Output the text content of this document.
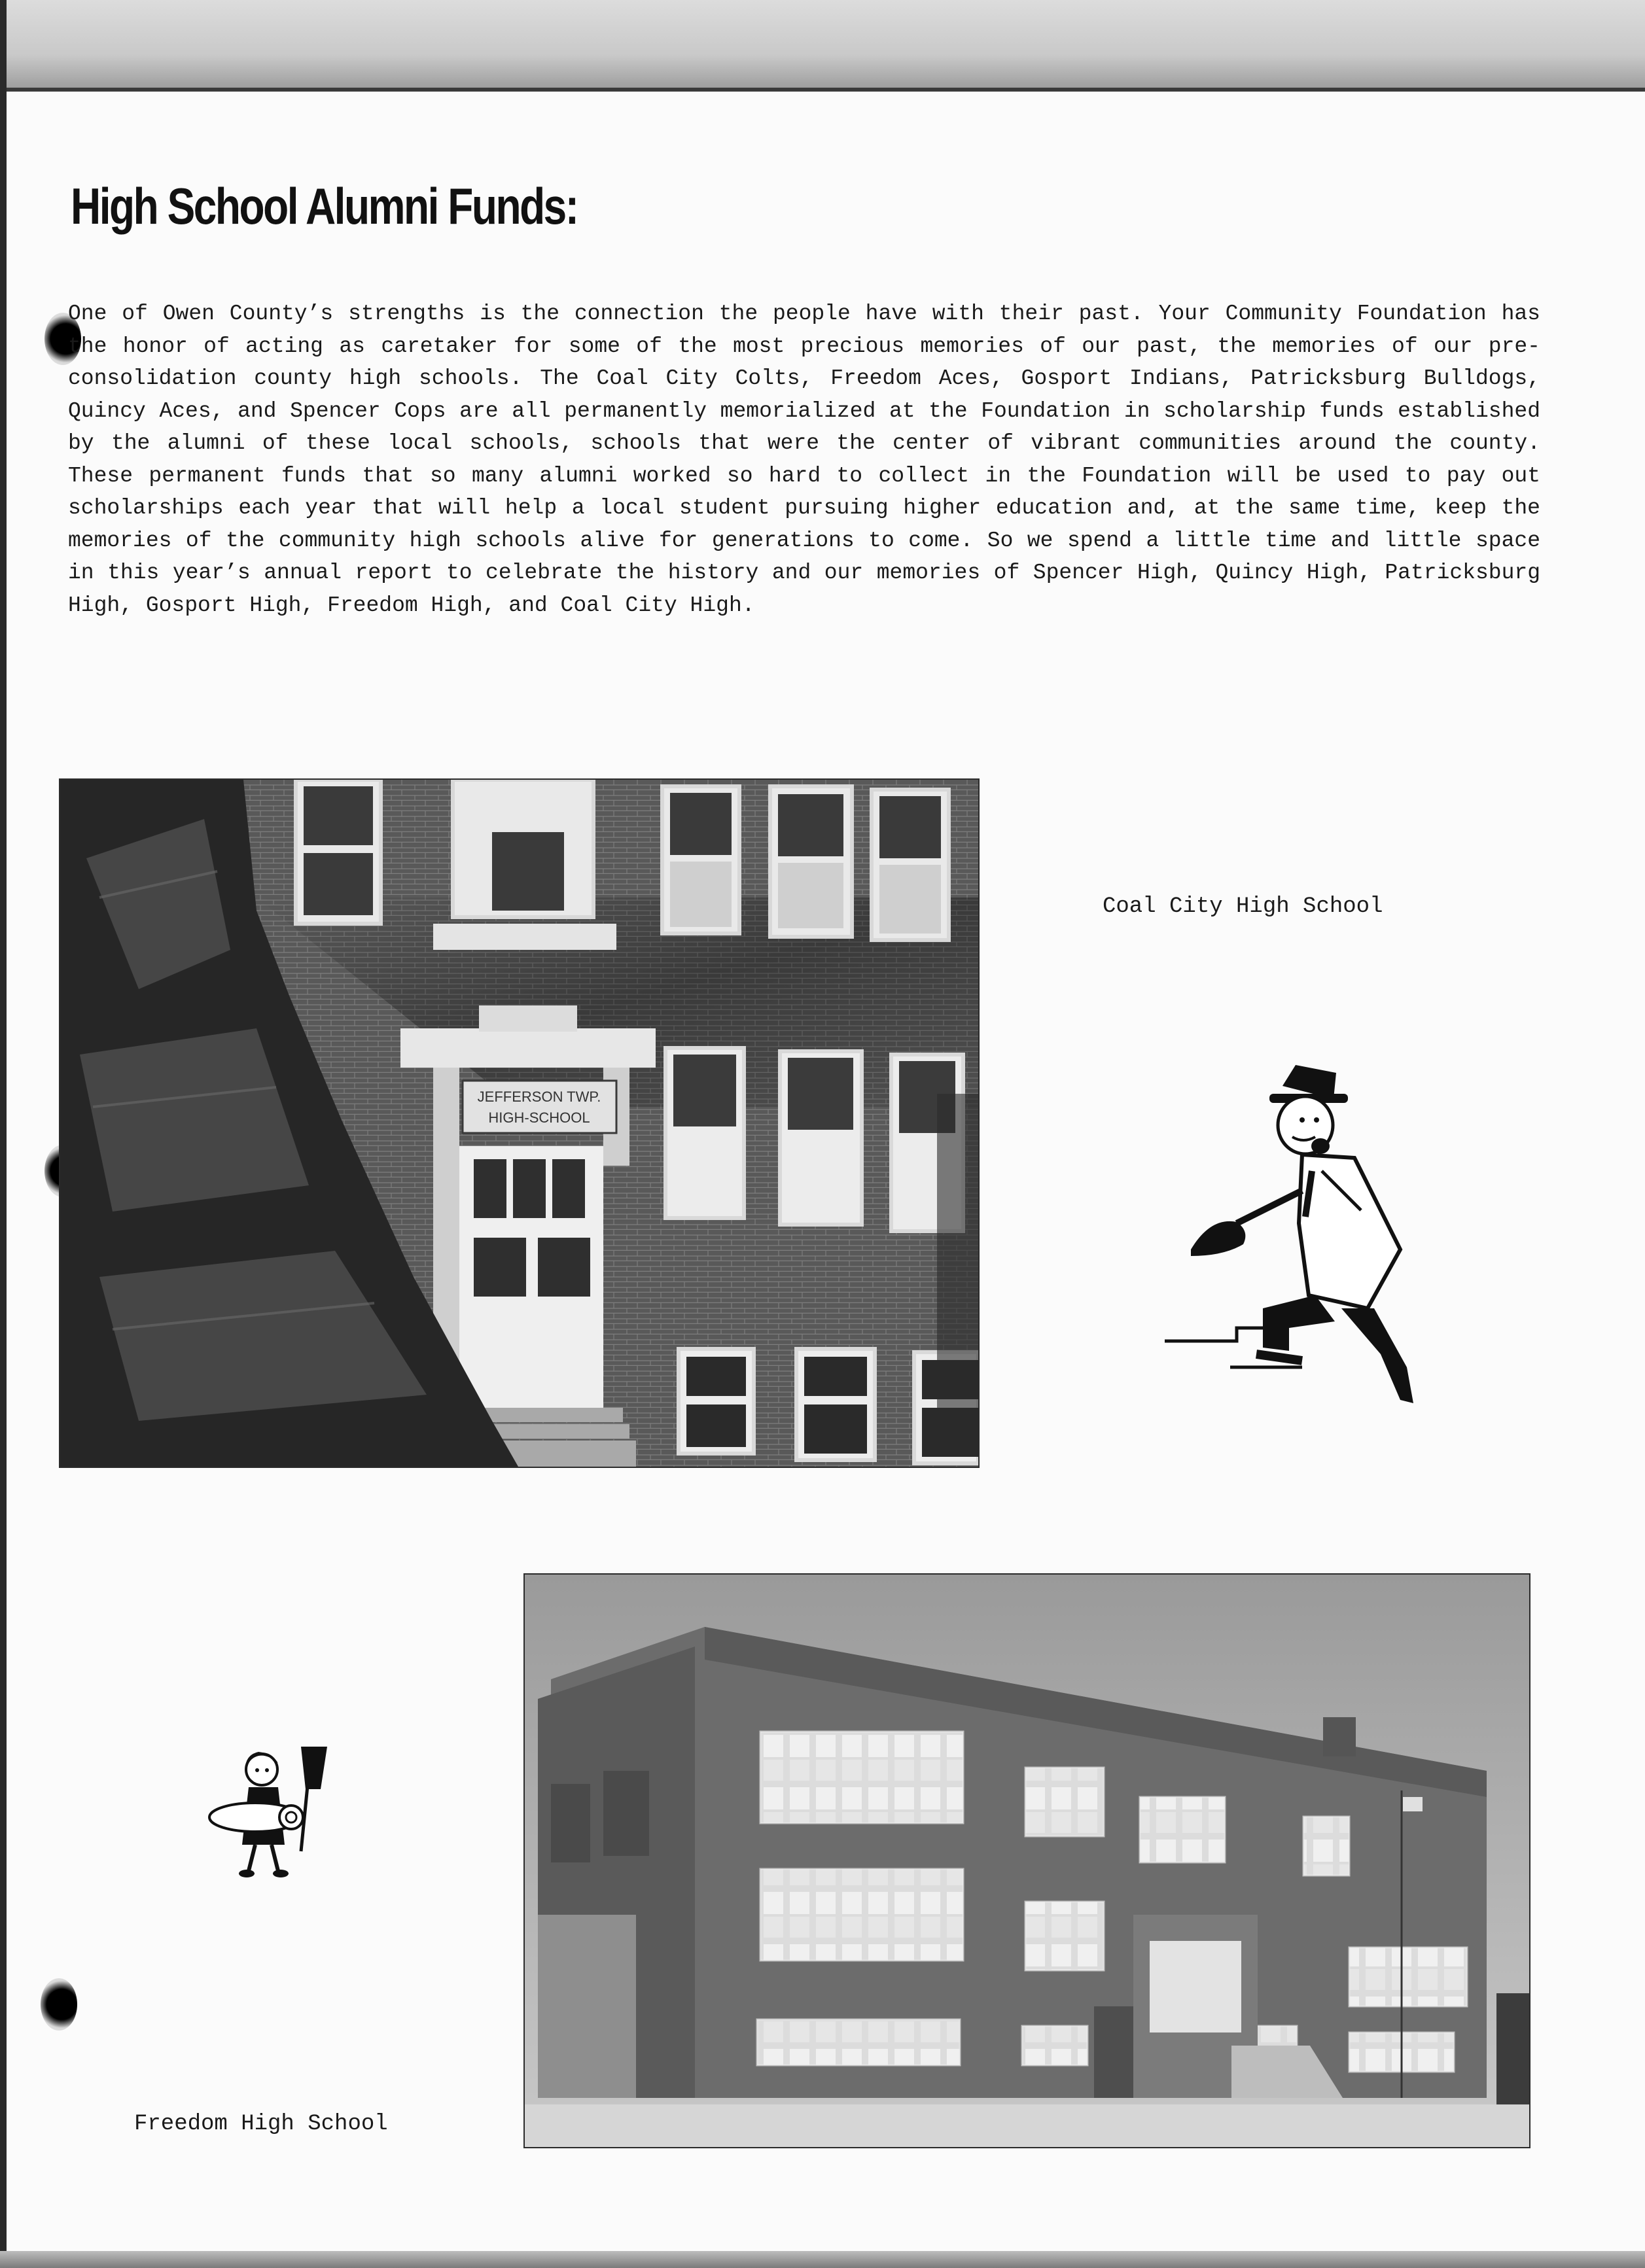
High School Alumni Funds:

One of Owen County’s strengths is the connection the people have with their past. Your Community Foundation has the honor of acting as caretaker for some of the most precious memories of our past, the memories of our pre-consolidation county high schools. The Coal City Colts, Freedom Aces, Gosport Indians, Patricksburg Bulldogs, Quincy Aces, and Spencer Cops are all permanently memorialized at the Foundation in scholarship funds established by the alumni of these local schools, schools that were the center of vibrant communities around the county. These permanent funds that so many alumni worked so hard to collect in the Foundation will be used to pay out scholarships each year that will help a local student pursuing higher education and, at the same time, keep the memories of the community high schools alive for generations to come. So we spend a little time and little space in this year’s annual report to celebrate the history and our memories of Spencer High, Quincy High, Patricksburg High, Gosport High, Freedom High, and Coal City High.

JEFFERSON TWP.
HIGH-SCHOOL
Coal City High School
Freedom High School
